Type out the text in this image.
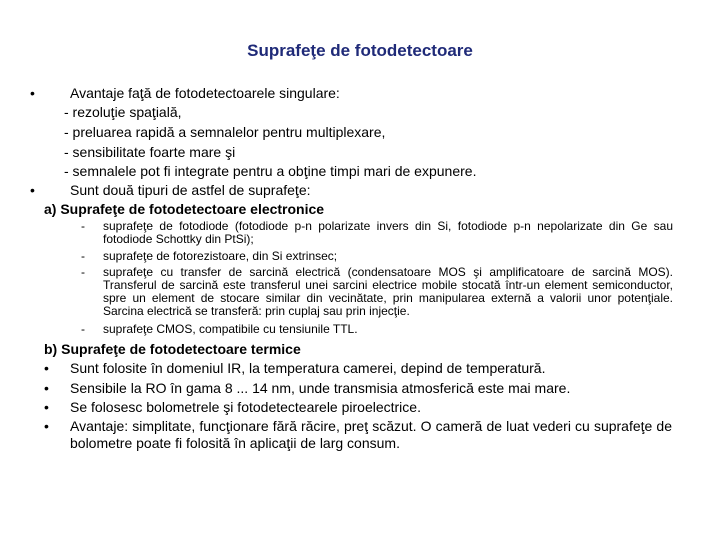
Suprafeţe de fotodetectoare
•	Avantaje faţă de fotodetectoarele singulare:
- rezoluţie spaţială,
- preluarea rapidă a semnalelor pentru multiplexare,
- sensibilitate foarte mare şi
- semnalele pot fi integrate pentru a obţine timpi mari de expunere.
•	Sunt două tipuri de astfel de suprafeţe:
a) Suprafeţe de fotodetectoare electronice
- suprafeţe de fotodiode (fotodiode p-n polarizate invers din Si, fotodiode p-n nepolarizate din Ge sau fotodiode Schottky din PtSi);
- suprafeţe de fotorezistoare, din Si extrinsec;
- suprafeţe cu transfer de sarcină electrică (condensatoare MOS şi amplificatoare de sarcină MOS). Transferul de sarcină este transferul unei sarcini electrice mobile stocată într-un element semiconductor, spre un element de stocare similar din vecinătate, prin manipularea externă a valorii unor potenţiale. Sarcina electrică se transferă: prin cuplaj sau prin injecţie.
- suprafeţe CMOS, compatibile cu tensiunile TTL.
b) Suprafeţe de fotodetectoare termice
• Sunt folosite în domeniul IR, la temperatura camerei, depind de temperatură.
• Sensibile la RO în gama 8 ... 14 nm, unde transmisia atmosferică este mai mare.
• Se folosesc bolometrele şi fotodetectearele piroelectrice.
• Avantaje: simplitate, funcţionare fără răcire, preţ scăzut. O cameră de luat vederi cu suprafeţe de bolometre poate fi folosită în aplicaţii de larg consum.
